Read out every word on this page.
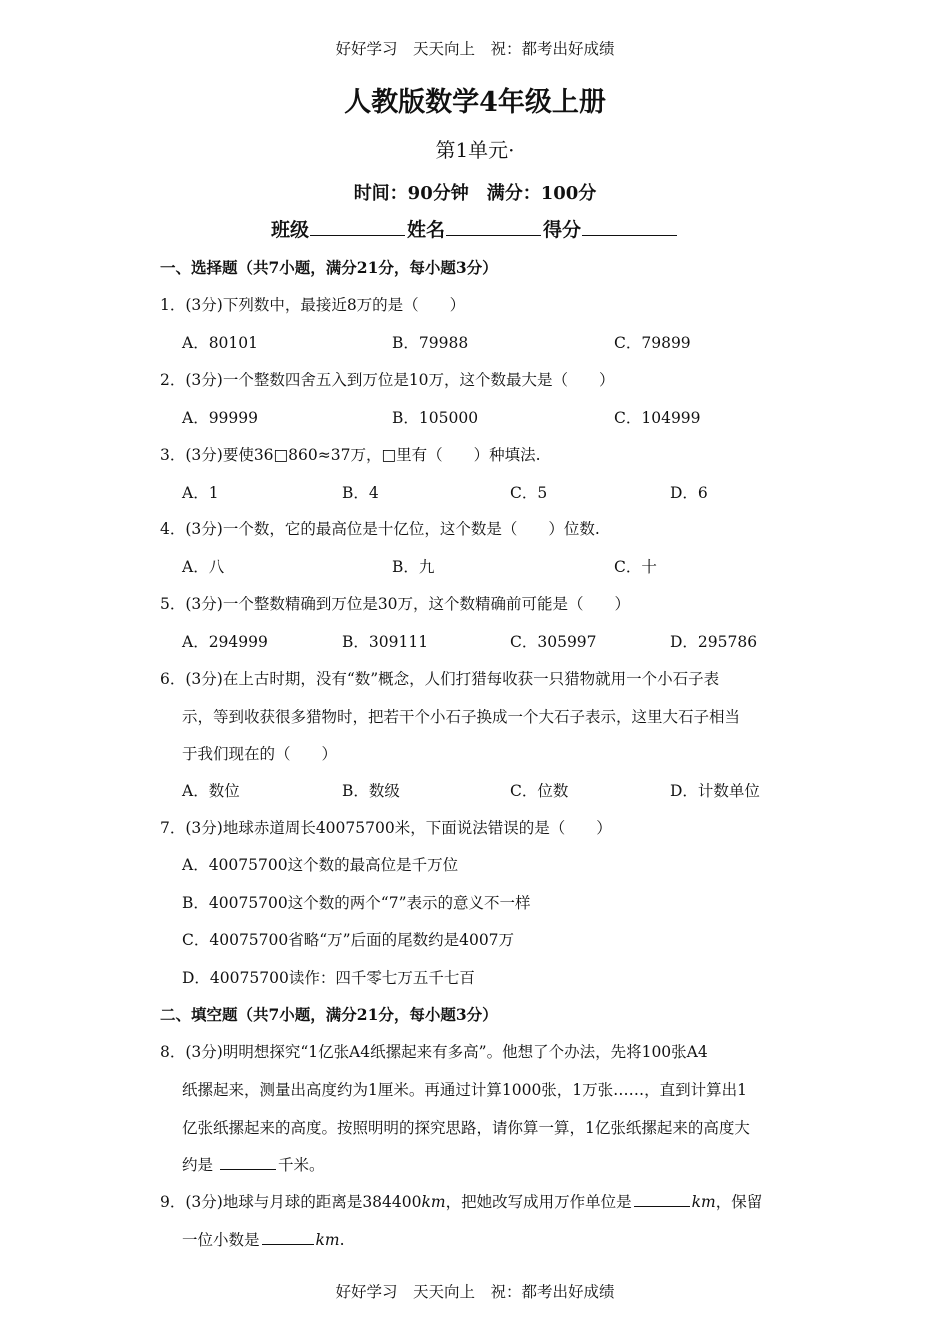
好好学习　天天向上　祝：都考出好成绩
人教版数学4年级上册
第1单元·
时间：90分钟　满分：100分
班级	姓名	得分
一、选择题（共7小题，满分21分，每小题3分）
1．(3分)下列数中，最接近8万的是（　　）
A．80101	B．79988	C．79899
2．(3分)一个整数四舍五入到万位是10万，这个数最大是（　　）
A．99999	B．105000	C．104999
3．(3分)要使36□860≈37万，□里有（　　）种填法.
A．1	B．4	C．5	D．6
4．(3分)一个数，它的最高位是十亿位，这个数是（　　）位数.
A．八	B．九	C．十
5．(3分)一个整数精确到万位是30万，这个数精确前可能是（　　）
A．294999	B．309111	C．305997	D．295786
6．(3分)在上古时期，没有“数”概念，人们打猎每收获一只猎物就用一个小石子表
示，等到收获很多猎物时，把若干个小石子换成一个大石子表示，这里大石子相当
于我们现在的（　　）
A．数位	B．数级	C．位数	D．计数单位
7．(3分)地球赤道周长40075700米，下面说法错误的是（　　）
A．40075700这个数的最高位是千万位
B．40075700这个数的两个“7”表示的意义不一样
C．40075700省略“万”后面的尾数约是4007万
D．40075700读作：四千零七万五千七百
二、填空题（共7小题，满分21分，每小题3分）
8．(3分)明明想探究“1亿张A4纸摞起来有多高”。他想了个办法，先将100张A4
纸摞起来，测量出高度约为1厘米。再通过计算1000张，1万张……，直到计算出1
亿张纸摞起来的高度。按照明明的探究思路，请你算一算，1亿张纸摞起来的高度大
约是	千米。
9．(3分)地球与月球的距离是384400km，把她改写成用万作单位是	km，保留
一位小数是	km.
好好学习　天天向上　祝：都考出好成绩
